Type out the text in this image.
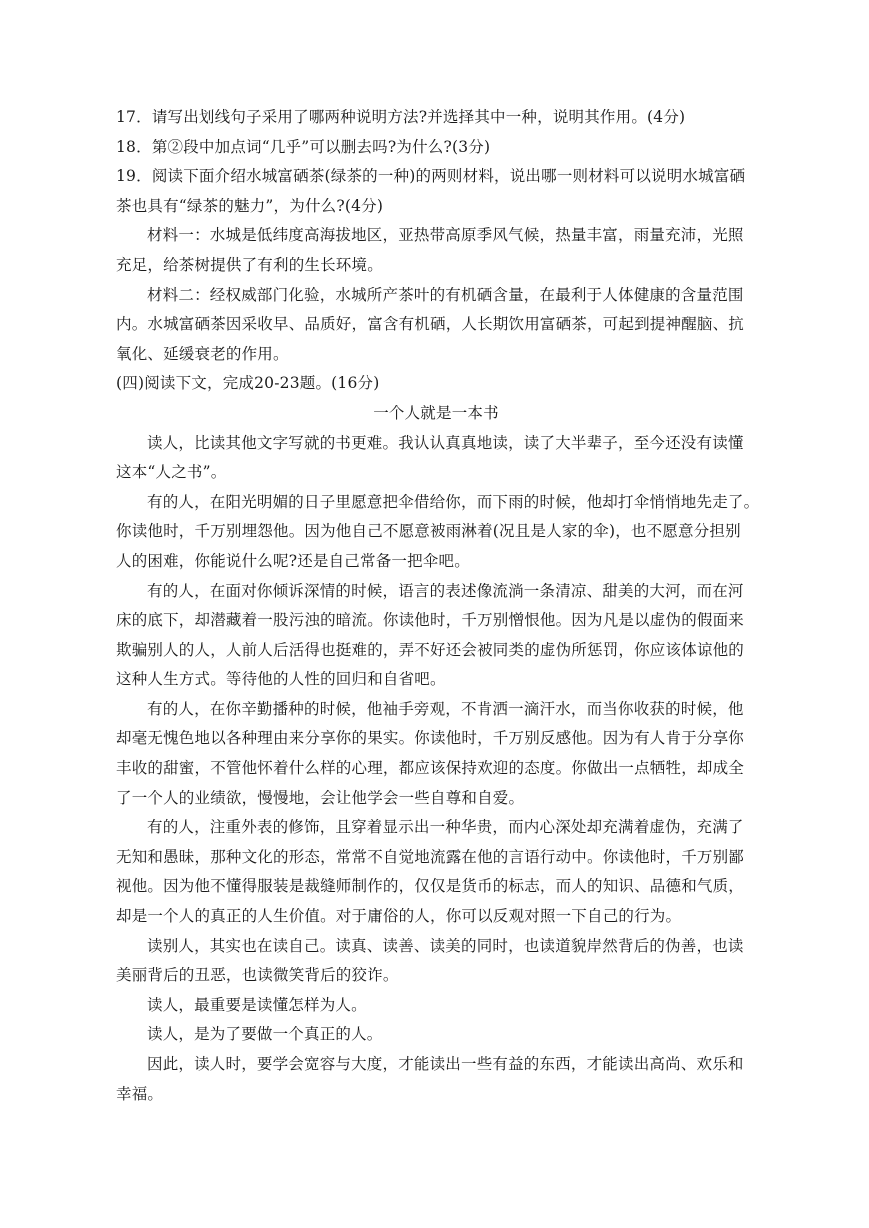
17．请写出划线句子采用了哪两种说明方法?并选择其中一种，说明其作用。(4分)
18．第②段中加点词“几乎”可以删去吗?为什么?(3分)
19．阅读下面介绍水城富硒茶(绿茶的一种)的两则材料，说出哪一则材料可以说明水城富硒
茶也具有“绿茶的魅力”，为什么?(4分)
材料一：水城是低纬度高海拔地区，亚热带高原季风气候，热量丰富，雨量充沛，光照
充足，给茶树提供了有利的生长环境。
材料二：经权威部门化验，水城所产茶叶的有机硒含量，在最利于人体健康的含量范围
内。水城富硒茶因采收早、品质好，富含有机硒，人长期饮用富硒茶，可起到提神醒脑、抗
氧化、延缓衰老的作用。
(四)阅读下文，完成20-23题。(16分)
一个人就是一本书
读人，比读其他文字写就的书更难。我认认真真地读，读了大半辈子，至今还没有读懂
这本“人之书”。
有的人，在阳光明媚的日子里愿意把伞借给你，而下雨的时候，他却打伞悄悄地先走了。
你读他时，千万别埋怨他。因为他自己不愿意被雨淋着(况且是人家的伞)，也不愿意分担别
人的困难，你能说什么呢?还是自己常备一把伞吧。
有的人，在面对你倾诉深情的时候，语言的表述像流淌一条清凉、甜美的大河，而在河
床的底下，却潜藏着一股污浊的暗流。你读他时，千万别憎恨他。因为凡是以虚伪的假面来
欺骗别人的人，人前人后活得也挺难的，弄不好还会被同类的虚伪所惩罚，你应该体谅他的
这种人生方式。等待他的人性的回归和自省吧。
有的人，在你辛勤播种的时候，他袖手旁观，不肯洒一滴汗水，而当你收获的时候，他
却毫无愧色地以各种理由来分享你的果实。你读他时，千万别反感他。因为有人肯于分享你
丰收的甜蜜，不管他怀着什么样的心理，都应该保持欢迎的态度。你做出一点牺牲，却成全
了一个人的业绩欲，慢慢地，会让他学会一些自尊和自爱。
有的人，注重外表的修饰，且穿着显示出一种华贵，而内心深处却充满着虚伪，充满了
无知和愚昧，那种文化的形态，常常不自觉地流露在他的言语行动中。你读他时，千万别鄙
视他。因为他不懂得服装是裁缝师制作的，仅仅是货币的标志，而人的知识、品德和气质，
却是一个人的真正的人生价值。对于庸俗的人，你可以反观对照一下自己的行为。
读别人，其实也在读自己。读真、读善、读美的同时，也读道貌岸然背后的伪善，也读
美丽背后的丑恶，也读微笑背后的狡诈。
读人，最重要是读懂怎样为人。
读人，是为了要做一个真正的人。
因此，读人时，要学会宽容与大度，才能读出一些有益的东西，才能读出高尚、欢乐和
幸福。
